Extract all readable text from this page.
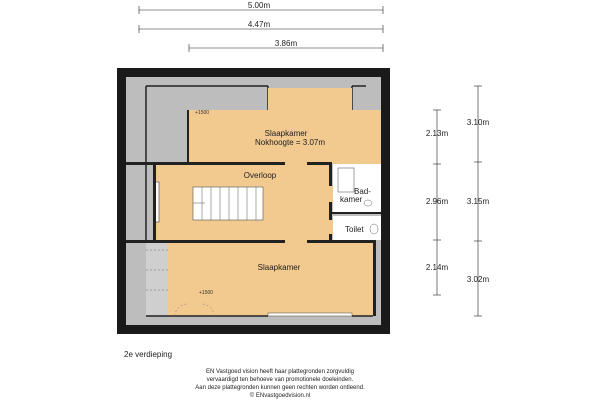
Slaapkamer
Nokhoogte = 3.07m
Overloop
Bad-
kamer
Toilet
Slaapkamer
+1500
+1500
5.00m
4.47m
3.86m
2.13m
2.96m
2.14m
3.10m
3.15m
3.02m
2e verdieping
EN Vastgoed vision heeft haar plattegronden zorgvuldig
vervaardigd ten behoeve van promotionele doeleinden.
Aan deze plattegronden kunnen geen rechten worden ontleend.
© ENvastgoedvision.nl
